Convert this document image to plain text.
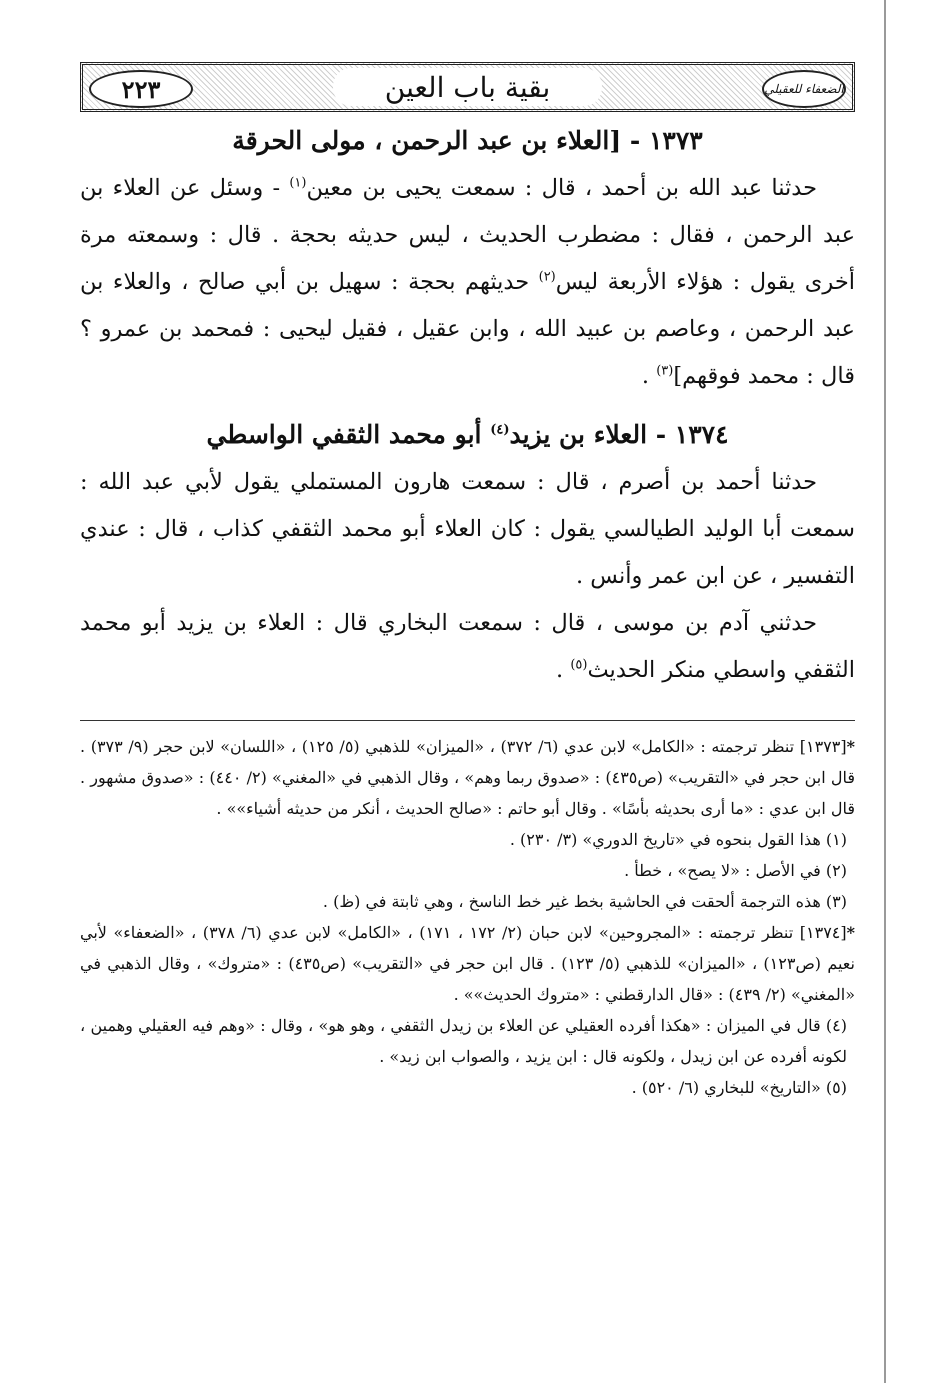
الضعفاء للعقيلي
بقية باب العين
٢٢٣
١٣٧٣ - [العلاء بن عبد الرحمن ، مولى الحرقة

حدثنا عبد الله بن أحمد ، قال : سمعت يحيى بن معين$^{(١)}$ - وسئل عن العلاء بن عبد الرحمن ، فقال : مضطرب الحديث ، ليس حديثه بحجة . قال : وسمعته مرة أخرى يقول : هؤلاء الأربعة ليس$^{(٢)}$ حديثهم بحجة : سهيل بن أبي صالح ، والعلاء بن عبد الرحمن ، وعاصم بن عبيد الله ، وابن عقيل ، فقيل ليحيى : فمحمد بن عمرو ؟ قال : محمد فوقهم]$^{(٣)}$ .

١٣٧٤ - العلاء بن يزيد$^{(٤)}$ أبو محمد الثقفي الواسطي

حدثنا أحمد بن أصرم ، قال : سمعت هارون المستملي يقول لأبي عبد الله : سمعت أبا الوليد الطيالسي يقول : كان العلاء أبو محمد الثقفي كذاب ، قال : عندي التفسير ، عن ابن عمر وأنس .

حدثني آدم بن موسى ، قال : سمعت البخاري قال : العلاء بن يزيد أبو محمد الثقفي واسطي منكر الحديث$^{(٥)}$ .

*[١٣٧٣] تنظر ترجمته : «الكامل» لابن عدي (٦/ ٣٧٢) ، «الميزان» للذهبي (٥/ ١٢٥) ، «اللسان» لابن حجر (٩/ ٣٧٣) . قال ابن حجر في «التقريب» (ص٤٣٥) : «صدوق ربما وهم» ، وقال الذهبي في «المغني» (٢/ ٤٤٠) : «صدوق مشهور . قال ابن عدي : «ما أرى بحديثه بأسًا» . وقال أبو حاتم : «صالح الحديث ، أنكر من حديثه أشياء»» .

(١) هذا القول بنحوه في «تاريخ الدوري» (٣/ ٢٣٠) .

(٢) في الأصل : «لا يصح» ، خطأ .

(٣) هذه الترجمة ألحقت في الحاشية بخط غير خط الناسخ ، وهي ثابتة في (ظ) .

*[١٣٧٤] تنظر ترجمته : «المجروحين» لابن حبان (٢/ ١٧٢ ، ١٧١) ، «الكامل» لابن عدي (٦/ ٣٧٨) ، «الضعفاء» لأبي نعيم (ص١٢٣) ، «الميزان» للذهبي (٥/ ١٢٣) . قال ابن حجر في «التقريب» (ص٤٣٥) : «متروك» ، وقال الذهبي في «المغني» (٢/ ٤٣٩) : «قال الدارقطني : «متروك الحديث»» .

(٤) قال في الميزان : «هكذا أفرده العقيلي عن العلاء بن زيدل الثقفي ، وهو هو» ، وقال : «وهم فيه العقيلي وهمين ، لكونه أفرده عن ابن زيدل ، ولكونه قال : ابن يزيد ، والصواب ابن زيد» .

(٥) «التاريخ» للبخاري (٦/ ٥٢٠) .
